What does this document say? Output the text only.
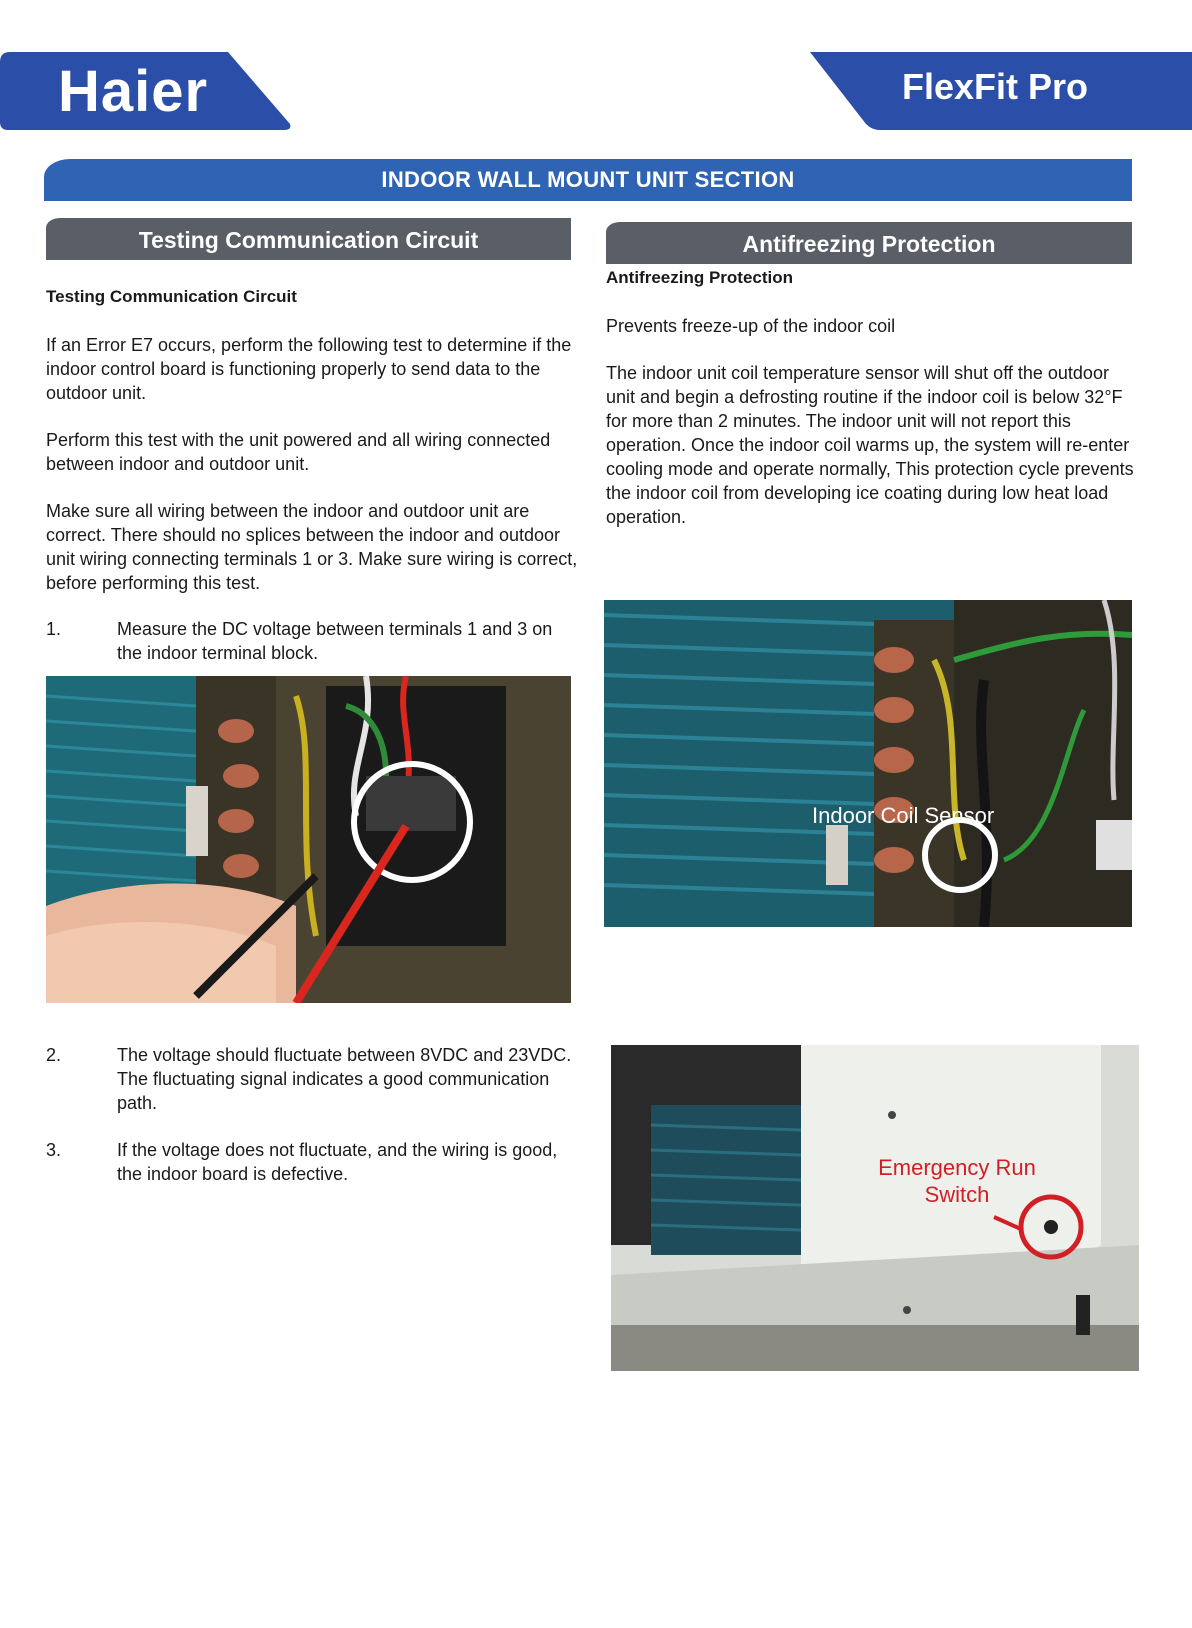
Haier	FlexFit Pro
INDOOR WALL MOUNT UNIT SECTION
Testing Communication Circuit
Testing Communication Circuit
If an Error E7 occurs, perform the following test to determine if the indoor control board is functioning properly to send data to the outdoor unit.
Perform this test with the unit powered and all wiring connected between indoor and outdoor unit.
Make sure all wiring between the indoor and outdoor unit are correct. There should no splices between the indoor and outdoor unit wiring connecting terminals 1 or 3. Make sure wiring is correct, before performing this test.
1.	Measure the DC voltage between terminals 1 and 3 on the indoor terminal block.
2.	The voltage should fluctuate between 8VDC and 23VDC. The fluctuating signal indicates a good communication path.
3.	If the voltage does not fluctuate, and the wiring is good, the indoor board is defective.
Antifreezing Protection
Antifreezing Protection
Prevents freeze-up of the indoor coil
The indoor unit coil temperature sensor will shut off the outdoor unit and begin a defrosting routine if the indoor coil is below 32°F for more than 2 minutes. The indoor unit will not report this operation. Once the indoor coil warms up, the system will re-enter cooling mode and operate normally, This protection cycle prevents the indoor coil from developing ice coating during low heat load operation.
Indoor Coil Sensor
Emergency Run
Switch
